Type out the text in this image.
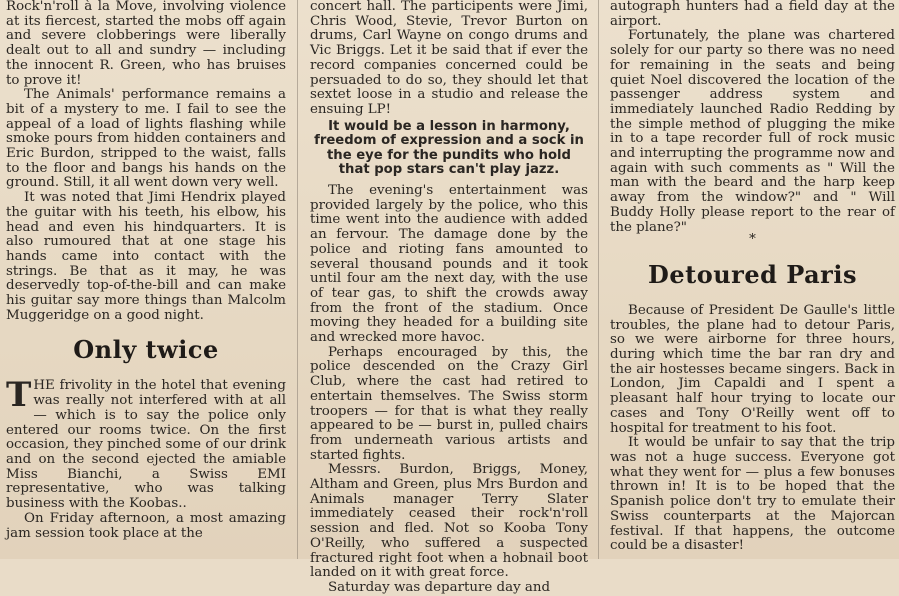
Rock'n'roll à la Move, involving violence at its fiercest, started the mobs off again and severe clobberings were liberally dealt out to all and sundry — including the innocent R. Green, who has bruises to prove it!

The Animals' performance remains a bit of a mystery to me. I fail to see the appeal of a load of lights flashing while smoke pours from hidden containers and Eric Burdon, stripped to the waist, falls to the floor and bangs his hands on the ground. Still, it all went down very well.

It was noted that Jimi Hendrix played the guitar with his teeth, his elbow, his head and even his hindquarters. It is also rumoured that at one stage his hands came into contact with the strings. Be that as it may, he was deservedly top-of-the-bill and can make his guitar say more things than Malcolm Muggeridge on a good night.

Only twice

THE frivolity in the hotel that evening was really not interfered with at all — which is to say the police only entered our rooms twice. On the first occasion, they pinched some of our drink and on the second ejected the amiable Miss Bianchi, a Swiss EMI representative, who was talking business with the Koobas..

On Friday afternoon, a most amazing jam session took place at the

concert hall. The participents were Jimi, Chris Wood, Stevie, Trevor Burton on drums, Carl Wayne on congo drums and Vic Briggs. Let it be said that if ever the record companies concerned could be persuaded to do so, they should let that sextet loose in a studio and release the ensuing LP!

It would be a lesson in harmony, freedom of expression and a sock in the eye for the pundits who hold that pop stars can't play jazz.

The evening's entertainment was provided largely by the police, who this time went into the audience with added an fervour. The damage done by the police and rioting fans amounted to several thousand pounds and it took until four am the next day, with the use of tear gas, to shift the crowds away from the front of the stadium. Once moving they headed for a building site and wrecked more havoc.

Perhaps encouraged by this, the police descended on the Crazy Girl Club, where the cast had retired to entertain themselves. The Swiss storm troopers — for that is what they really appeared to be — burst in, pulled chairs from underneath various artists and started fights.

Messrs. Burdon, Briggs, Money, Altham and Green, plus Mrs Burdon and Animals manager Terry Slater immediately ceased their rock'n'roll session and fled. Not so Kooba Tony O'Reilly, who suffered a suspected fractured right foot when a hobnail boot landed on it with great force.

Saturday was departure day and

autograph hunters had a field day at the airport.

Fortunately, the plane was chartered solely for our party so there was no need for remaining in the seats and being quiet Noel discovered the location of the passenger address system and immediately launched Radio Redding by the simple method of plugging the mike in to a tape recorder full of rock music and interrupting the programme now and again with such comments as " Will the man with the beard and the harp keep away from the window?" and " Will Buddy Holly please report to the rear of the plane?"

*
Detoured Paris

Because of President De Gaulle's little troubles, the plane had to detour Paris, so we were airborne for three hours, during which time the bar ran dry and the air hostesses became singers. Back in London, Jim Capaldi and I spent a pleasant half hour trying to locate our cases and Tony O'Reilly went off to hospital for treatment to his foot.

It would be unfair to say that the trip was not a huge success. Everyone got what they went for — plus a few bonuses thrown in! It is to be hoped that the Spanish police don't try to emulate their Swiss counterparts at the Majorcan festival. If that happens, the outcome could be a disaster!
